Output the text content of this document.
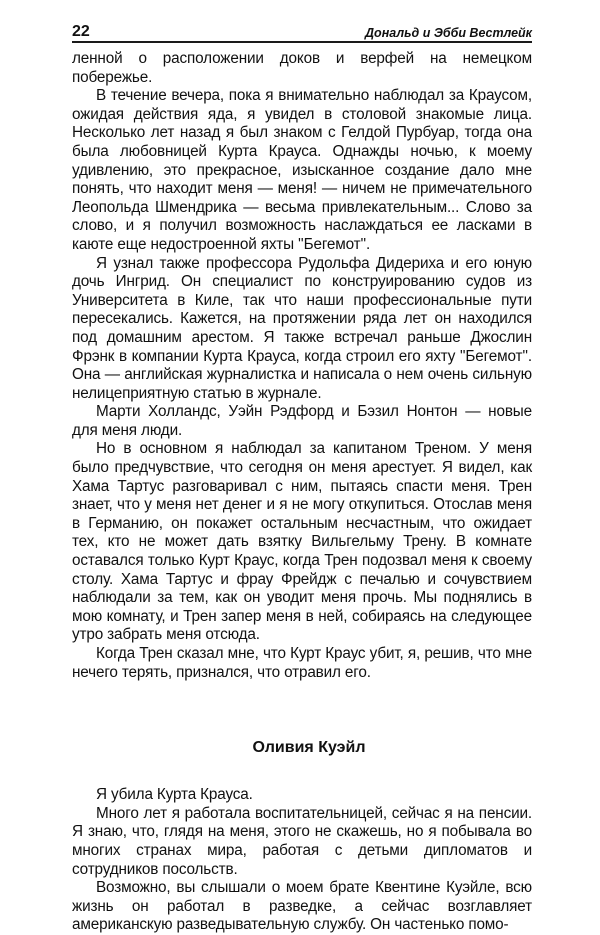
22	Дональд и Эбби Вестлейк

ленной о расположении доков и верфей на немецком побережье.

В течение вечера, пока я внимательно наблюдал за Краусом, ожидая действия яда, я увидел в столовой знакомые лица. Несколько лет назад я был знаком с Гелдой Пурбуар, тогда она была любовницей Курта Крауса. Однажды ночью, к моему удивлению, это прекрасное, изысканное создание дало мне понять, что находит меня — меня! — ничем не примечательного Леопольда Шмендрика — весьма привлекательным... Слово за слово, и я получил возможность наслаждаться ее ласками в каюте еще недостроенной яхты ''Бегемот''.

Я узнал также профессора Рудольфа Дидериха и его юную дочь Ингрид. Он специалист по конструированию судов из Университета в Киле, так что наши профессиональные пути пересекались. Кажется, на протяжении ряда лет он находился под домашним арестом. Я также встречал раньше Джослин Фрэнк в компании Курта Крауса, когда строил его яхту ''Бегемот''. Она — английская журналистка и написала о нем очень сильную нелицеприятную статью в журнале.

Марти Холландс, Уэйн Рэдфорд и Бэзил Нонтон — новые для меня люди.

Но в основном я наблюдал за капитаном Треном. У меня было предчувствие, что сегодня он меня арестует. Я видел, как Хама Тартус разговаривал с ним, пытаясь спасти меня. Трен знает, что у меня нет денег и я не могу откупиться. Отослав меня в Германию, он покажет остальным несчастным, что ожидает тех, кто не может дать взятку Вильгельму Трену. В комнате оставался только Курт Краус, когда Трен подозвал меня к своему столу. Хама Тартус и фрау Фрейдж с печалью и сочувствием наблюдали за тем, как он уводит меня прочь. Мы поднялись в мою комнату, и Трен запер меня в ней, собираясь на следующее утро забрать меня отсюда.

Когда Трен сказал мне, что Курт Краус убит, я, решив, что мне нечего терять, признался, что отравил его.

Оливия Куэйл

Я убила Курта Крауса.

Много лет я работала воспитательницей, сейчас я на пенсии. Я знаю, что, глядя на меня, этого не скажешь, но я побывала во многих странах мира, работая с детьми дипломатов и сотрудников посольств.

Возможно, вы слышали о моем брате Квентине Куэйле, всю жизнь он работал в разведке, а сейчас возглавляет американскую разведывательную службу. Он частенько помо-
